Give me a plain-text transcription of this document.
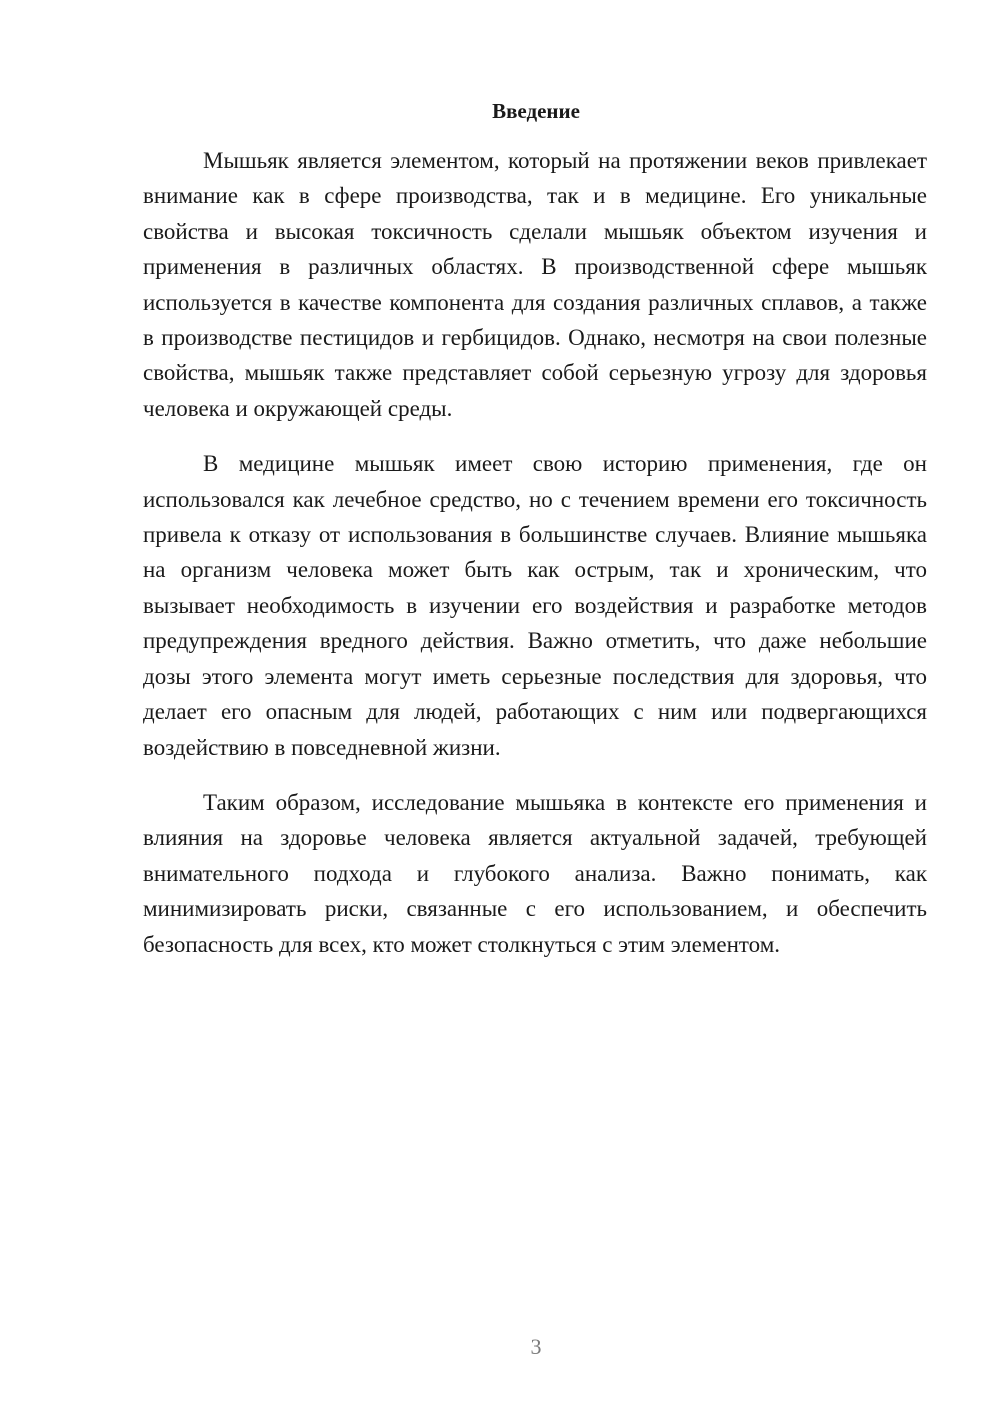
Введение

Мышьяк является элементом, который на протяжении веков привлекает внимание как в сфере производства, так и в медицине. Его уникальные свойства и высокая токсичность сделали мышьяк объектом изучения и применения в различных областях. В производственной сфере мышьяк используется в качестве компонента для создания различных сплавов, а также в производстве пестицидов и гербицидов. Однако, несмотря на свои полезные свойства, мышьяк также представляет собой серьезную угрозу для здоровья человека и окружающей среды.

В медицине мышьяк имеет свою историю применения, где он использовался как лечебное средство, но с течением времени его токсичность привела к отказу от использования в большинстве случаев. Влияние мышьяка на организм человека может быть как острым, так и хроническим, что вызывает необходимость в изучении его воздействия и разработке методов предупреждения вредного действия. Важно отметить, что даже небольшие дозы этого элемента могут иметь серьезные последствия для здоровья, что делает его опасным для людей, работающих с ним или подвергающихся воздействию в повседневной жизни.

Таким образом, исследование мышьяка в контексте его применения и влияния на здоровье человека является актуальной задачей, требующей внимательного подхода и глубокого анализа. Важно понимать, как минимизировать риски, связанные с его использованием, и обеспечить безопасность для всех, кто может столкнуться с этим элементом.

3
